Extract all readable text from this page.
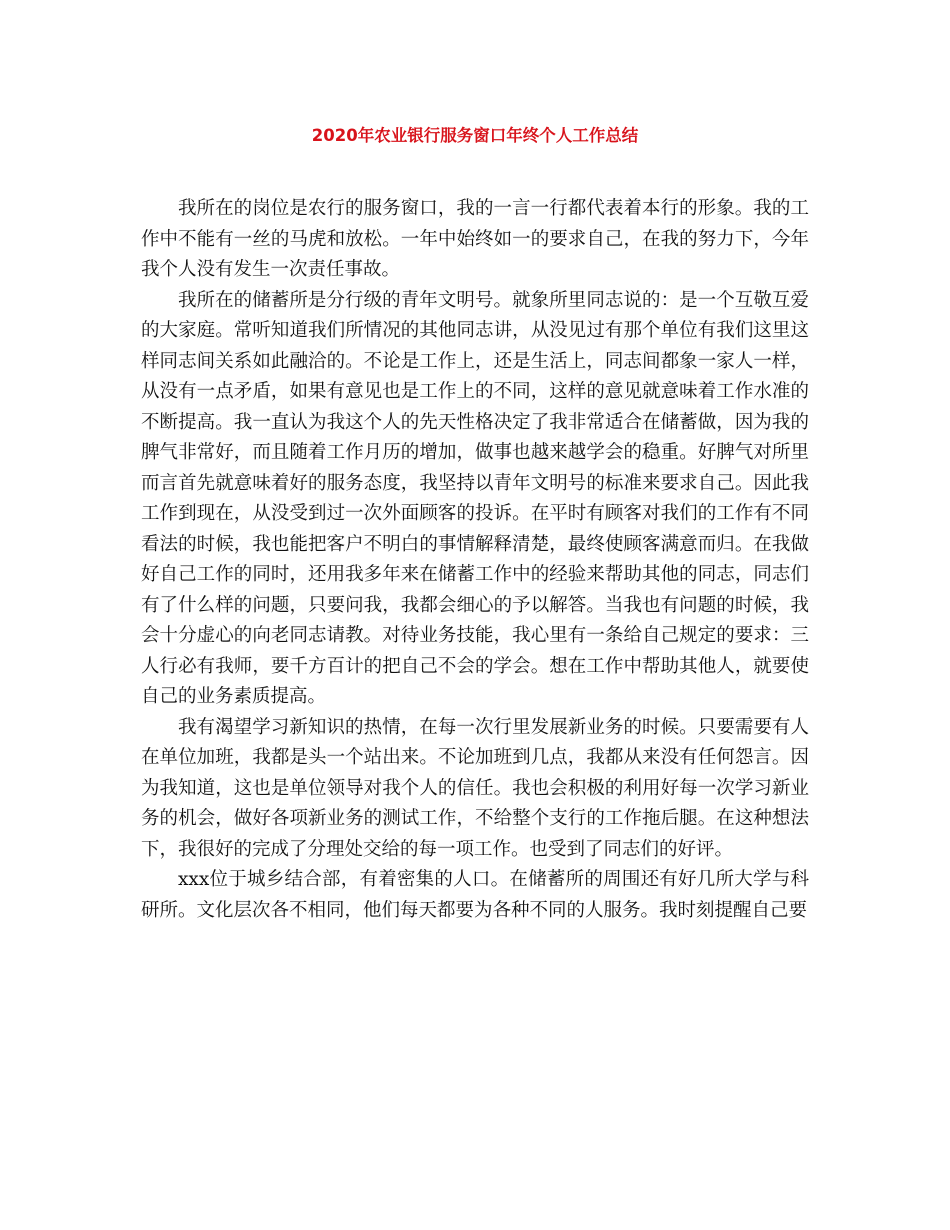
2020年农业银行服务窗口年终个人工作总结

我所在的岗位是农行的服务窗口，我的一言一行都代表着本行的形象。我的工作中不能有一丝的马虎和放松。一年中始终如一的要求自己，在我的努力下，今年我个人没有发生一次责任事故。

我所在的储蓄所是分行级的青年文明号。就象所里同志说的：是一个互敬互爱的大家庭。常听知道我们所情况的其他同志讲，从没见过有那个单位有我们这里这样同志间关系如此融洽的。不论是工作上，还是生活上，同志间都象一家人一样，从没有一点矛盾，如果有意见也是工作上的不同，这样的意见就意味着工作水准的不断提高。我一直认为我这个人的先天性格决定了我非常适合在储蓄做，因为我的脾气非常好，而且随着工作月历的增加，做事也越来越学会的稳重。好脾气对所里而言首先就意味着好的服务态度，我坚持以青年文明号的标准来要求自己。因此我工作到现在，从没受到过一次外面顾客的投诉。在平时有顾客对我们的工作有不同看法的时候，我也能把客户不明白的事情解释清楚，最终使顾客满意而归。在我做好自己工作的同时，还用我多年来在储蓄工作中的经验来帮助其他的同志，同志们有了什么样的问题，只要问我，我都会细心的予以解答。当我也有问题的时候，我会十分虚心的向老同志请教。对待业务技能，我心里有一条给自己规定的要求：三人行必有我师，要千方百计的把自己不会的学会。想在工作中帮助其他人，就要使自己的业务素质提高。

我有渴望学习新知识的热情，在每一次行里发展新业务的时候。只要需要有人在单位加班，我都是头一个站出来。不论加班到几点，我都从来没有任何怨言。因为我知道，这也是单位领导对我个人的信任。我也会积极的利用好每一次学习新业务的机会，做好各项新业务的测试工作，不给整个支行的工作拖后腿。在这种想法下，我很好的完成了分理处交给的每一项工作。也受到了同志们的好评。

xxx位于城乡结合部，有着密集的人口。在储蓄所的周围还有好几所大学与科研所。文化层次各不相同，他们每天都要为各种不同的人服务。我时刻提醒自己要
